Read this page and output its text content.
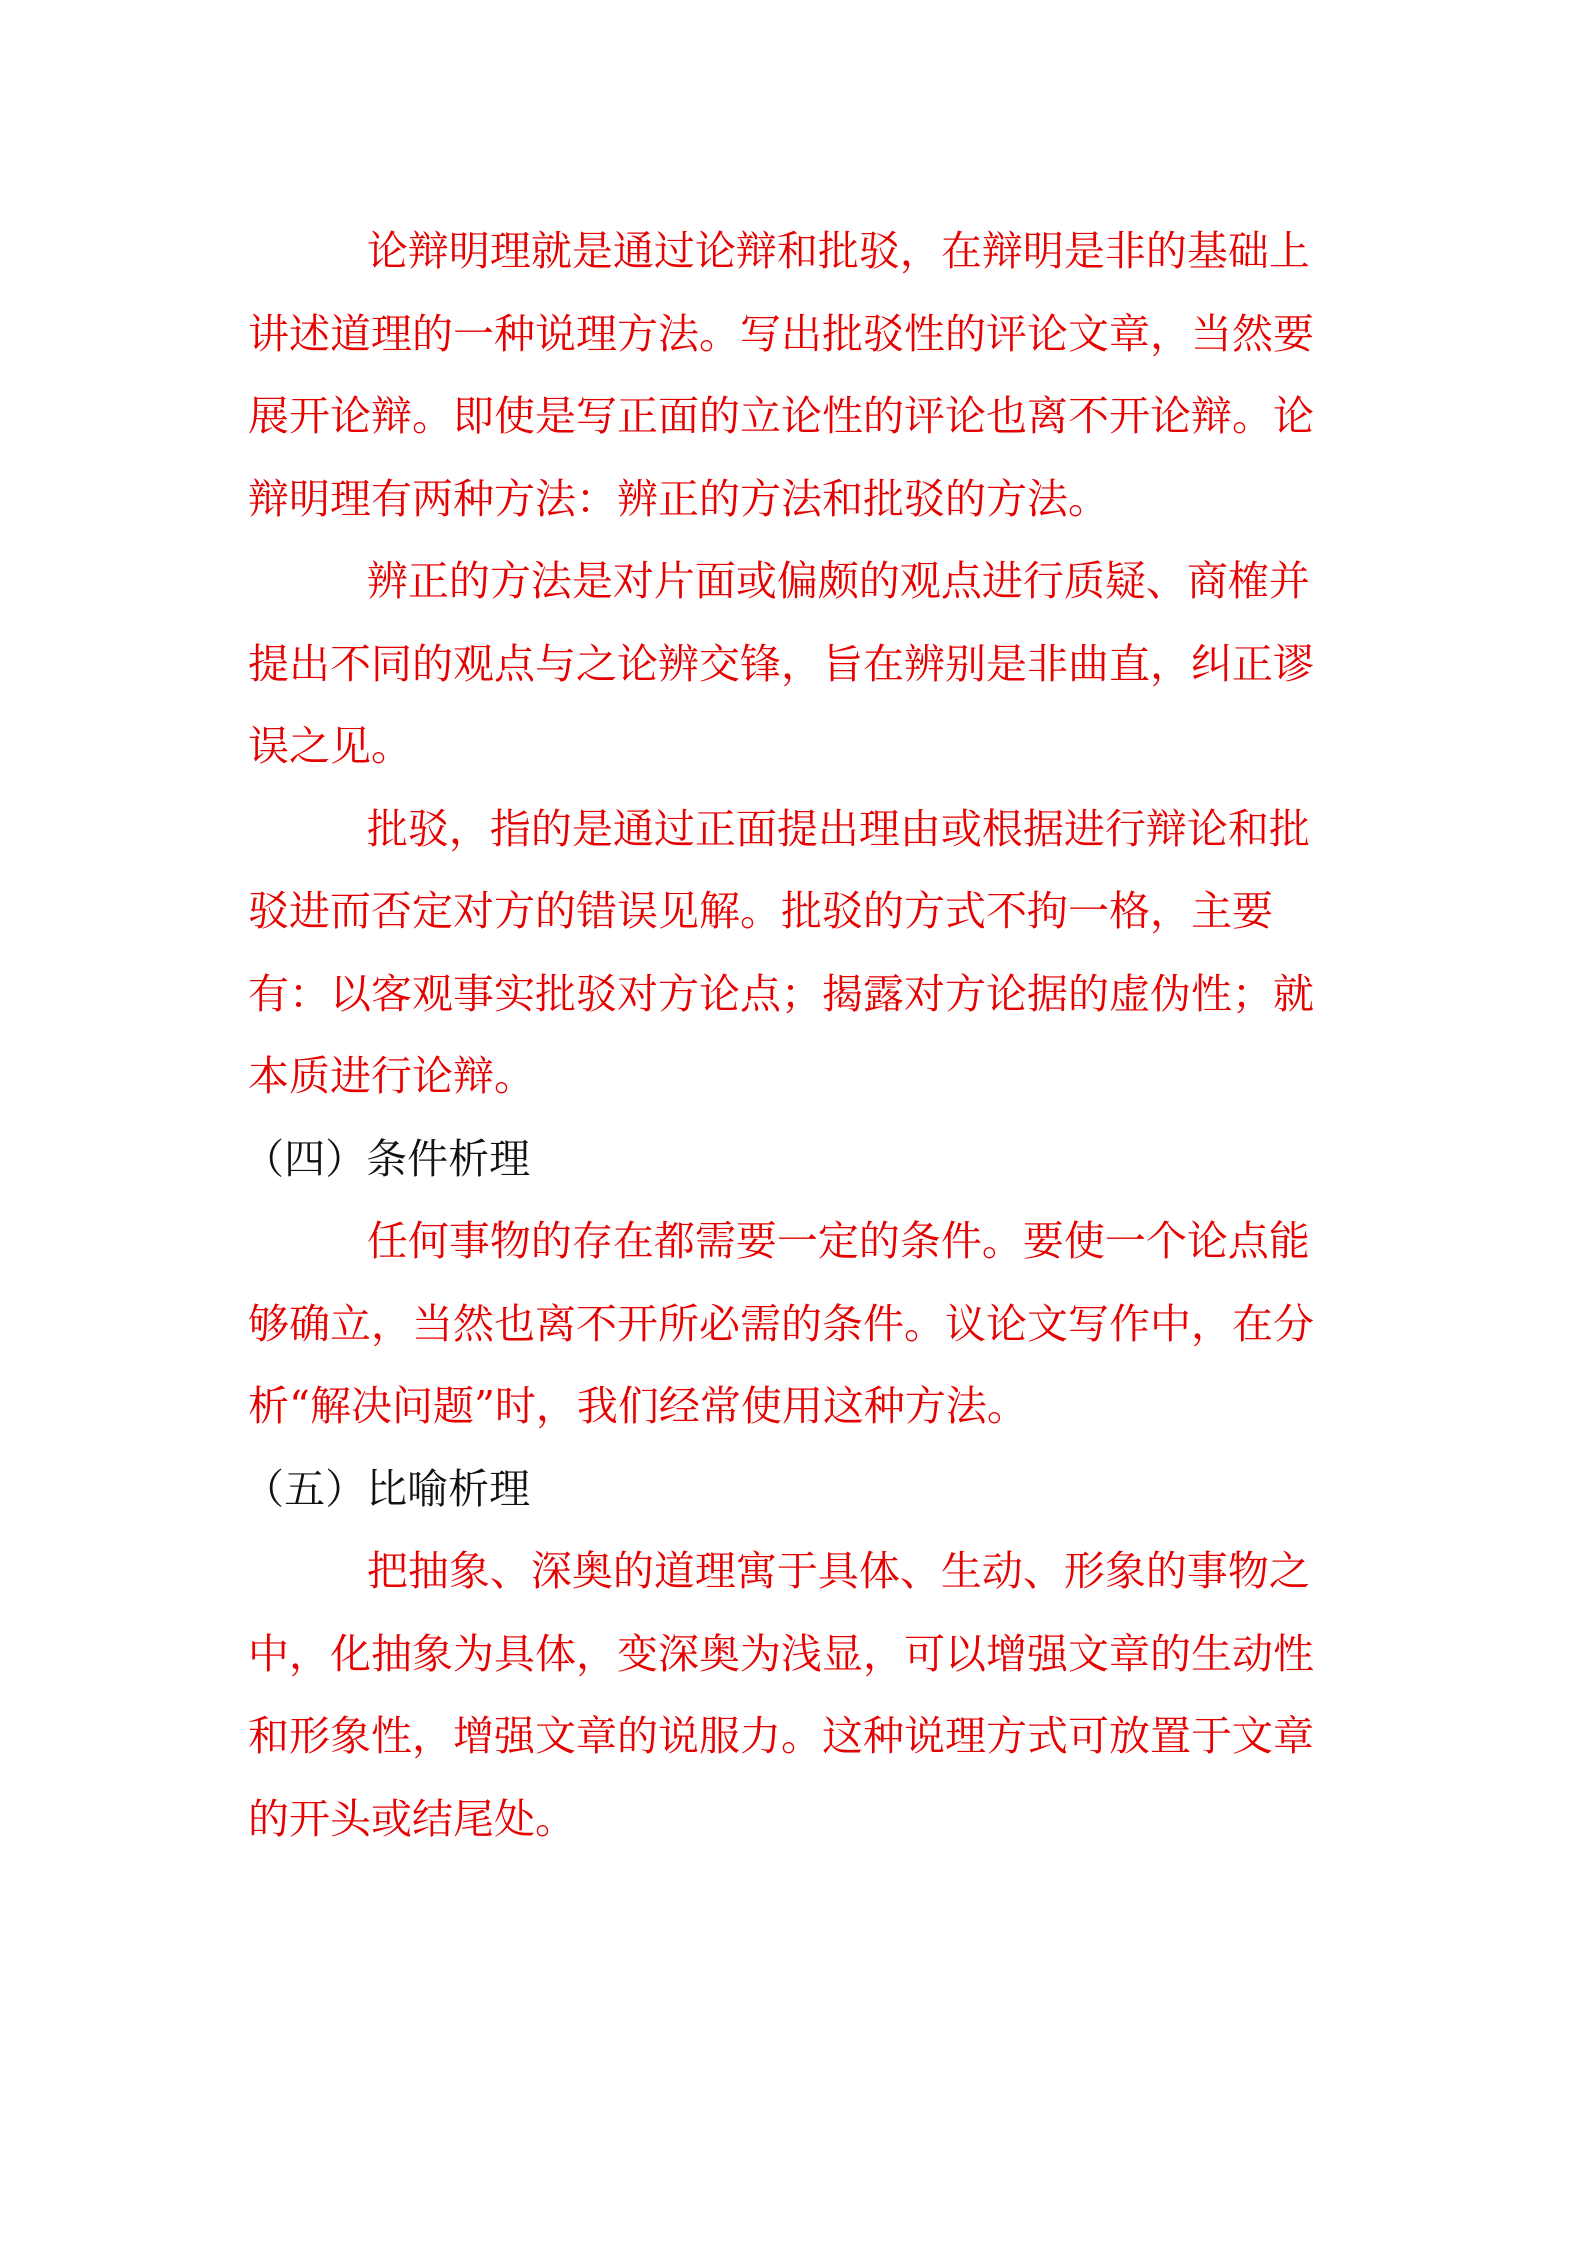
论辩明理就是通过论辩和批驳，在辩明是非的基础上讲述道理的一种说理方法。写出批驳性的评论文章，当然要展开论辩。即使是写正面的立论性的评论也离不开论辩。论辩明理有两种方法：辨正的方法和批驳的方法。

辨正的方法是对片面或偏颇的观点进行质疑、商榷并提出不同的观点与之论辨交锋，旨在辨别是非曲直，纠正谬误之见。

批驳，指的是通过正面提出理由或根据进行辩论和批驳进而否定对方的错误见解。批驳的方式不拘一格，主要有：以客观事实批驳对方论点；揭露对方论据的虚伪性；就本质进行论辩。

（四）条件析理

任何事物的存在都需要一定的条件。要使一个论点能够确立，当然也离不开所必需的条件。议论文写作中，在分析“解决问题”时，我们经常使用这种方法。

（五）比喻析理

把抽象、深奥的道理寓于具体、生动、形象的事物之中，化抽象为具体，变深奥为浅显，可以增强文章的生动性和形象性，增强文章的说服力。这种说理方式可放置于文章的开头或结尾处。
